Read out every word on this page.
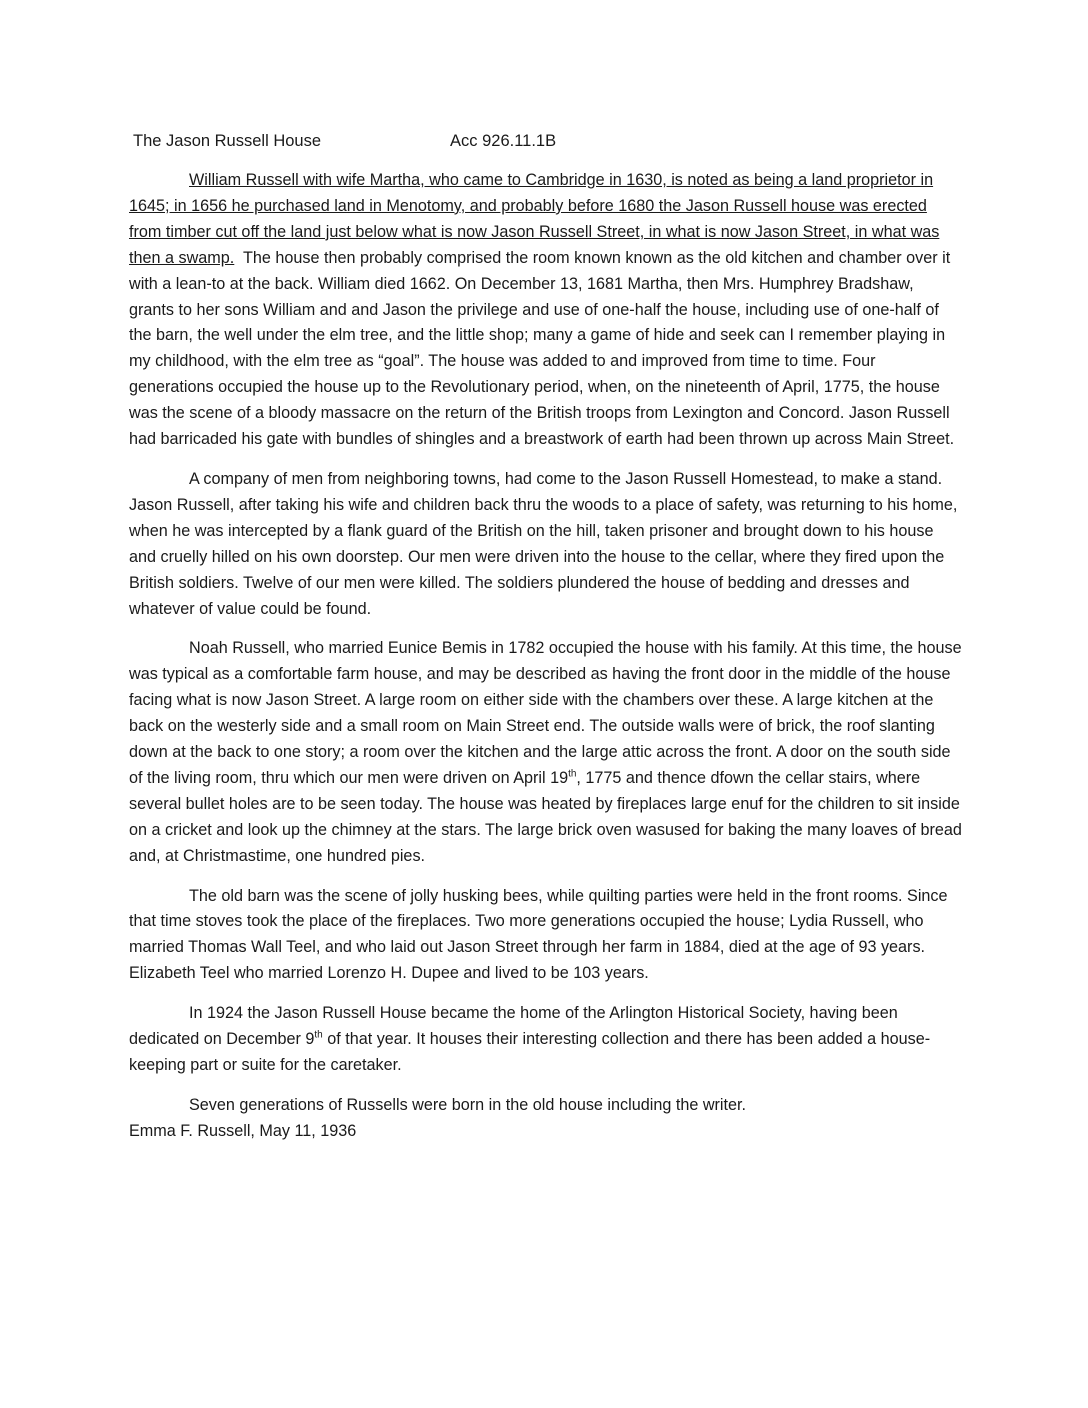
The Jason Russell House	Acc 926.11.1B

William Russell with wife Martha, who came to Cambridge in 1630, is noted as being a land proprietor in 1645; in 1656 he purchased land in Menotomy, and probably before 1680 the Jason Russell house was erected from timber cut off the land just below what is now Jason Russell Street, in what is now Jason Street, in what was then a swamp. The house then probably comprised the room known known as the old kitchen and chamber over it with a lean-to at the back. William died 1662. On December 13, 1681 Martha, then Mrs. Humphrey Bradshaw, grants to her sons William and and Jason the privilege and use of one-half the house, including use of one-half of the barn, the well under the elm tree, and the little shop; many a game of hide and seek can I remember playing in my childhood, with the elm tree as “goal”. The house was added to and improved from time to time. Four generations occupied the house up to the Revolutionary period, when, on the nineteenth of April, 1775, the house was the scene of a bloody massacre on the return of the British troops from Lexington and Concord. Jason Russell had barricaded his gate with bundles of shingles and a breastwork of earth had been thrown up across Main Street.

A company of men from neighboring towns, had come to the Jason Russell Homestead, to make a stand. Jason Russell, after taking his wife and children back thru the woods to a place of safety, was returning to his home, when he was intercepted by a flank guard of the British on the hill, taken prisoner and brought down to his house and cruelly hilled on his own doorstep. Our men were driven into the house to the cellar, where they fired upon the British soldiers. Twelve of our men were killed. The soldiers plundered the house of bedding and dresses and whatever of value could be found.

Noah Russell, who married Eunice Bemis in 1782 occupied the house with his family. At this time, the house was typical as a comfortable farm house, and may be described as having the front door in the middle of the house facing what is now Jason Street. A large room on either side with the chambers over these. A large kitchen at the back on the westerly side and a small room on Main Street end. The outside walls were of brick, the roof slanting down at the back to one story; a room over the kitchen and the large attic across the front. A door on the south side of the living room, thru which our men were driven on April 19th, 1775 and thence dfown the cellar stairs, where several bullet holes are to be seen today. The house was heated by fireplaces large enuf for the children to sit inside on a cricket and look up the chimney at the stars. The large brick oven wasused for baking the many loaves of bread and, at Christmastime, one hundred pies.

The old barn was the scene of jolly husking bees, while quilting parties were held in the front rooms. Since that time stoves took the place of the fireplaces. Two more generations occupied the house; Lydia Russell, who married Thomas Wall Teel, and who laid out Jason Street through her farm in 1884, died at the age of 93 years. Elizabeth Teel who married Lorenzo H. Dupee and lived to be 103 years.

In 1924 the Jason Russell House became the home of the Arlington Historical Society, having been dedicated on December 9th of that year. It houses their interesting collection and there has been added a house-keeping part or suite for the caretaker.

Seven generations of Russells were born in the old house including the writer.

Emma F. Russell, May 11, 1936
